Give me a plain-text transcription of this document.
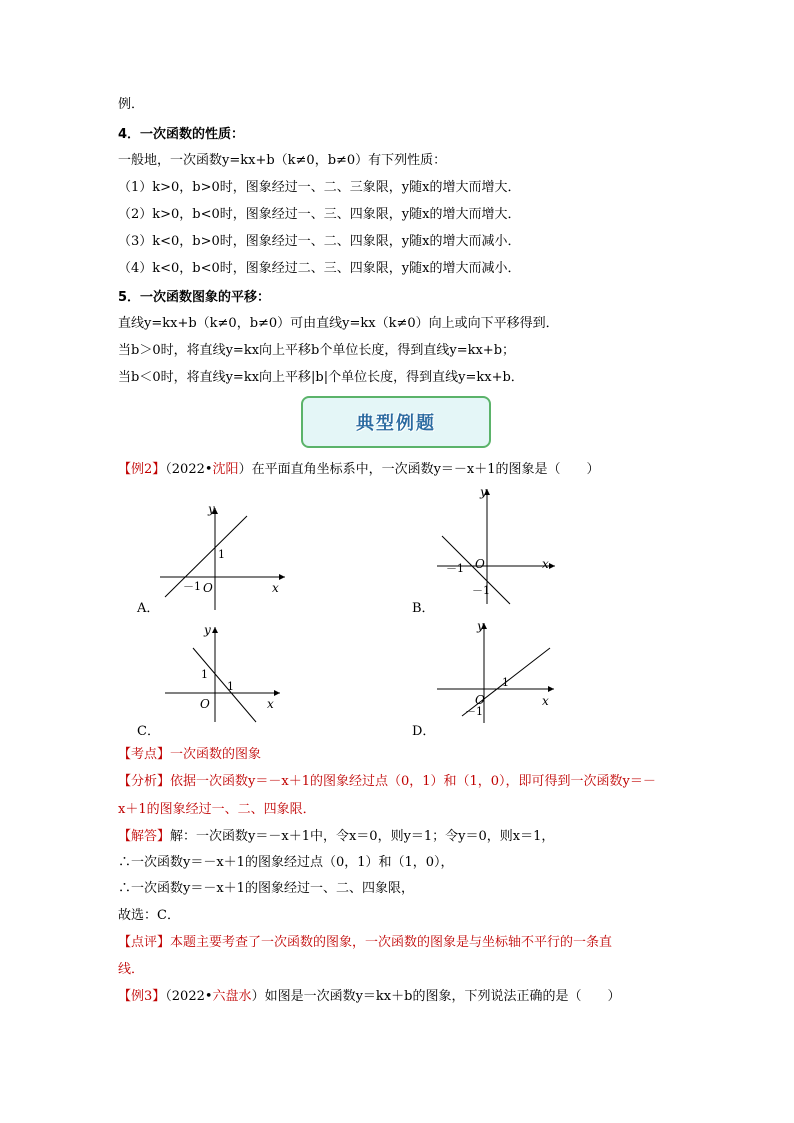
例．
4．一次函数的性质：
一般地，一次函数y=kx+b（k≠0，b≠0）有下列性质：
（1）k>0，b>0时，图象经过一、二、三象限，y随x的增大而增大．
（2）k>0，b<0时，图象经过一、三、四象限，y随x的增大而增大．
（3）k<0，b>0时，图象经过一、二、四象限，y随x的增大而减小．
（4）k<0，b<0时，图象经过二、三、四象限，y随x的增大而减小．
5．一次函数图象的平移：
直线y=kx+b（k≠0，b≠0）可由直线y=kx（k≠0）向上或向下平移得到．
当b＞0时，将直线y=kx向上平移b个单位长度，得到直线y=kx+b；
当b＜0时，将直线y=kx向上平移|b|个单位长度，得到直线y=kx+b．
典型例题
【例2】（2022•沈阳）在平面直角坐标系中，一次函数y＝－x＋1的图象是（　　）
y
x
O
1
－1
A．
y
x
O
－1
－1
B．
y
x
O
1
1
C．
y
x
O
1
－1
D．
【考点】一次函数的图象
【分析】依据一次函数y＝－x＋1的图象经过点（0，1）和（1，0），即可得到一次函数y＝－
x＋1的图象经过一、二、四象限．
【解答】解：一次函数y＝－x＋1中，令x＝0，则y＝1；令y＝0，则x＝1，
∴一次函数y＝－x＋1的图象经过点（0，1）和（1，0），
∴一次函数y＝－x＋1的图象经过一、二、四象限，
故选：C．
【点评】本题主要考查了一次函数的图象，一次函数的图象是与坐标轴不平行的一条直
线．
【例3】（2022•六盘水）如图是一次函数y＝kx＋b的图象，下列说法正确的是（　　）
